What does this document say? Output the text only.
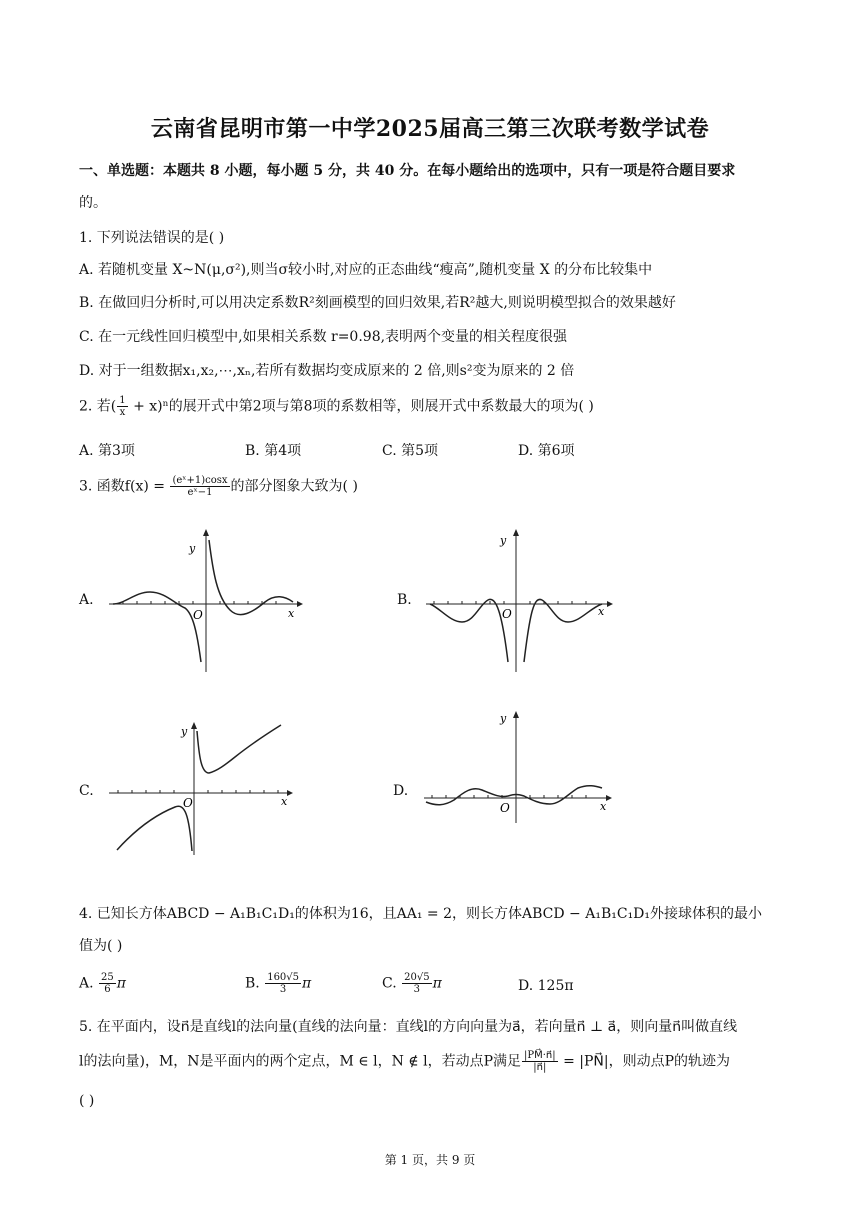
云南省昆明市第一中学2025届高三第三次联考数学试卷
一、单选题：本题共 8 小题，每小题 5 分，共 40 分。在每小题给出的选项中，只有一项是符合题目要求
的。
1. 下列说法错误的是( )
A. 若随机变量 X~N(μ,σ²),则当σ较小时,对应的正态曲线“瘦高”,随机变量 X 的分布比较集中
B. 在做回归分析时,可以用决定系数R²刻画模型的回归效果,若R²越大,则说明模型拟合的效果越好
C. 在一元线性回归模型中,如果相关系数 r=0.98,表明两个变量的相关程度很强
D. 对于一组数据x₁,x₂,⋯,xₙ,若所有数据均变成原来的 2 倍,则s²变为原来的 2 倍
2. 若( $\frac{1}{x} + x)^n$的展开式中第2项与第8项的系数相等，则展开式中系数最大的项为( )
A. 第3项	B. 第4项	C. 第5项	D. 第6项
3. 函数$f(x) = \frac{\text{(eˣ+1)cosx}}{\text{eˣ−1}}$ 的部分图象大致为( )
A.	B.
C.	D.
y
O	x
y
O	x
y
O	x
y
O	x
4. 已知长方体ABCD − A₁B₁C₁D₁的体积为16，且AA₁ = 2，则长方体ABCD − A₁B₁C₁D₁外接球体积的最小
值为( )
A. $\frac{25}{6}$ π	B. $\frac{160√5}{3}$ π	C. $\frac{20√5}{3}$ π	D. 125π
5. 在平面内，设n⃗是直线l的法向量(直线的法向量：直线l的方向向量为a⃗，若向量n⃗ ⊥ a⃗，则向量n⃗叫做直线
l的法向量)，M，N是平面内的两个定点，M ∈ l，N ∉ l，若动点P满足 $\frac{|PM⃗\cdot n⃗|}{|n⃗|}$ = |PN⃗|，则动点P的轨迹为
( )
第 1 页，共 9 页
